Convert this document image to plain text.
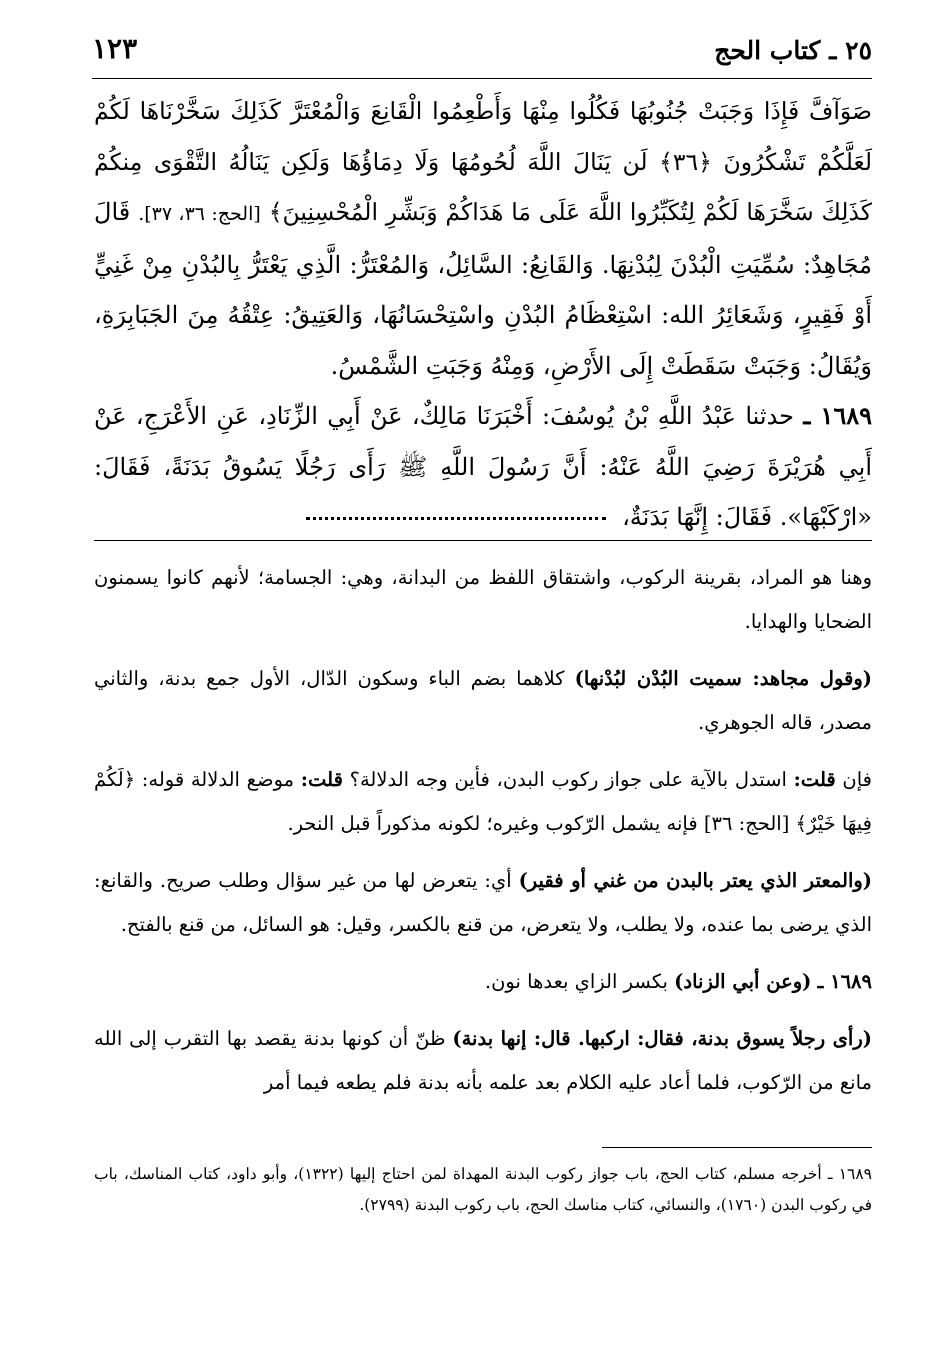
٢٥ ـ كتاب الحج
١٢٣

صَوَآفَّ فَإِذَا وَجَبَتْ جُنُوبُهَا فَكُلُوا مِنْهَا وَأَطْعِمُوا الْقَانِعَ وَالْمُعْتَرَّ كَذَلِكَ سَخَّرْنَاهَا لَكُمْ لَعَلَّكُمْ تَشْكُرُونَ ﴿٣٦﴾ لَن يَنَالَ اللَّهَ لُحُومُهَا وَلَا دِمَاؤُهَا وَلَكِن يَنَالُهُ التَّقْوَى مِنكُمْ كَذَلِكَ سَخَّرَهَا لَكُمْ لِتُكَبِّرُوا اللَّهَ عَلَى مَا هَدَاكُمْ وَبَشِّرِ الْمُحْسِنِينَ﴾ [الحج: ٣٦، ٣٧]. قَالَ مُجَاهِدٌ: سُمِّيَتِ الْبُدْنَ لِبُدْنِهَا. وَالقَانِعُ: السَّائِلُ، وَالمُعْتَرُّ: الَّذِي يَعْتَرُّ بِالبُدْنِ مِنْ غَنِيٍّ أَوْ فَقِيرٍ، وَشَعَائِرُ الله: اسْتِعْظَامُ البُدْنِ واسْتِحْسَانُهَا، وَالعَتِيقُ: عِتْقُهُ مِنَ الجَبَابِرَةِ، وَيُقَالُ: وَجَبَتْ سَقَطَتْ إِلَى الأَرْضِ، وَمِنْهُ وَجَبَتِ الشَّمْسُ.

١٦٨٩ ـ حدثنا عَبْدُ اللَّهِ بْنُ يُوسُفَ: أَخْبَرَنَا مَالِكٌ، عَنْ أَبِي الزِّنَادِ، عَنِ الأَعْرَجِ، عَنْ أَبِي هُرَيْرَةَ رَضِيَ اللَّهُ عَنْهُ: أَنَّ رَسُولَ اللَّهِ ﷺ رَأَى رَجُلًا يَسُوقُ بَدَنَةً، فَقَالَ: «ارْكَبْهَا». فَقَالَ: إِنَّهَا بَدَنَةٌ،

وهنا هو المراد، بقرينة الركوب، واشتقاق اللفظ من البدانة، وهي: الجسامة؛ لأنهم كانوا يسمنون الضحايا والهدايا.

(وقول مجاهد: سميت البُدْن لبُدْنها) كلاهما بضم الباء وسكون الدّال، الأول جمع بدنة، والثاني مصدر، قاله الجوهري.

فإن قلت: استدل بالآية على جواز ركوب البدن، فأين وجه الدلالة؟ قلت: موضع الدلالة قوله: ﴿لَكُمْ فِيهَا خَيْرٌ﴾ [الحج: ٣٦] فإنه يشمل الرّكوب وغيره؛ لكونه مذكوراً قبل النحر.

(والمعتر الذي يعتر بالبدن من غني أو فقير) أي: يتعرض لها من غير سؤال وطلب صريح. والقانع: الذي يرضى بما عنده، ولا يطلب، ولا يتعرض، من قنع بالكسر، وقيل: هو السائل، من قنع بالفتح.

١٦٨٩ ـ (وعن أبي الزناد) بكسر الزاي بعدها نون.

(رأى رجلاً يسوق بدنة، فقال: اركبها. قال: إنها بدنة) ظنّ أن كونها بدنة يقصد بها التقرب إلى الله مانع من الرّكوب، فلما أعاد عليه الكلام بعد علمه بأنه بدنة فلم يطعه فيما أمر

١٦٨٩ ـ أخرجه مسلم، كتاب الحج، باب جواز ركوب البدنة المهداة لمن احتاج إليها (١٣٢٢)، وأبو داود، كتاب المناسك، باب في ركوب البدن (١٧٦٠)، والنسائي، كتاب مناسك الحج، باب ركوب البدنة (٢٧٩٩).
